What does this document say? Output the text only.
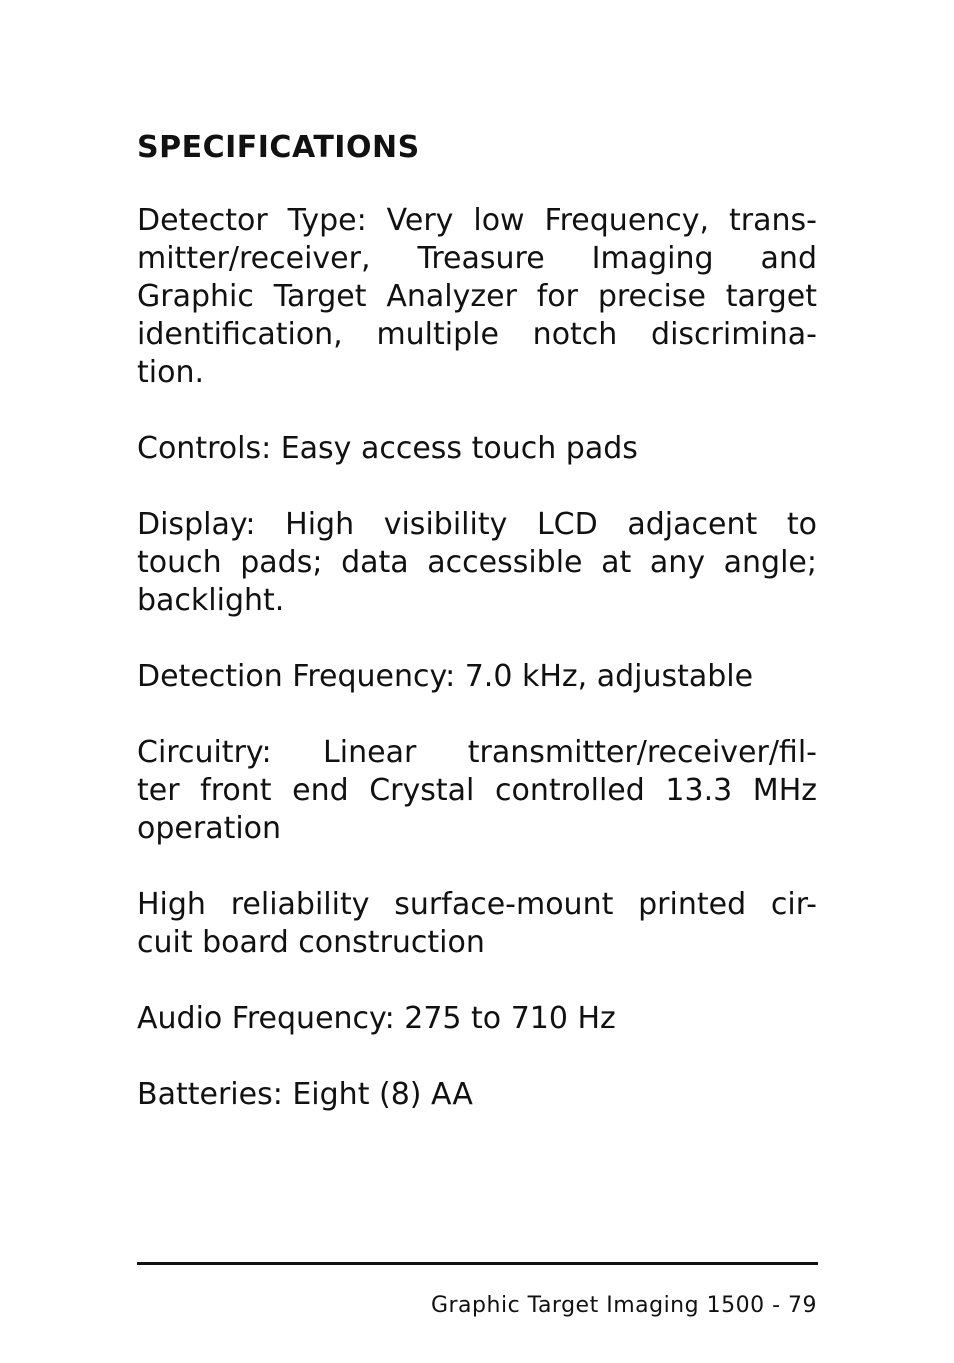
SPECIFICATIONS
Detector Type: Very low Frequency, trans-
mitter/receiver, Treasure Imaging and
Graphic Target Analyzer for precise target
identification, multiple notch discrimina-
tion.
Controls: Easy access touch pads
Display: High visibility LCD adjacent to
touch pads; data accessible at any angle;
backlight.
Detection Frequency: 7.0 kHz, adjustable
Circuitry: Linear transmitter/receiver/fil-
ter front end Crystal controlled 13.3 MHz
operation
High reliability surface-mount printed cir-
cuit board construction
Audio Frequency: 275 to 710 Hz
Batteries: Eight (8) AA
Graphic Target Imaging 1500 - 79
